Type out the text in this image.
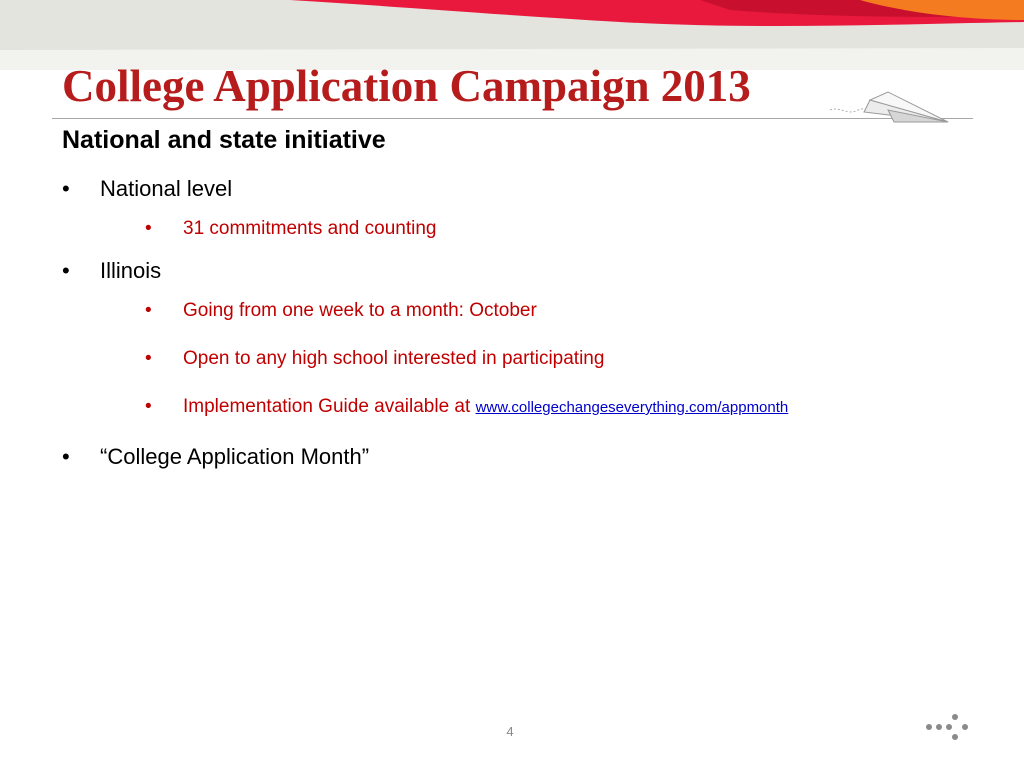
College Application Campaign 2013
National and state initiative
• National level
• 31 commitments and counting
• Illinois
• Going from one week to a month: October
• Open to any high school interested in participating
• Implementation Guide available at www.collegechangeseverything.com/appmonth
• “College Application Month”
4
